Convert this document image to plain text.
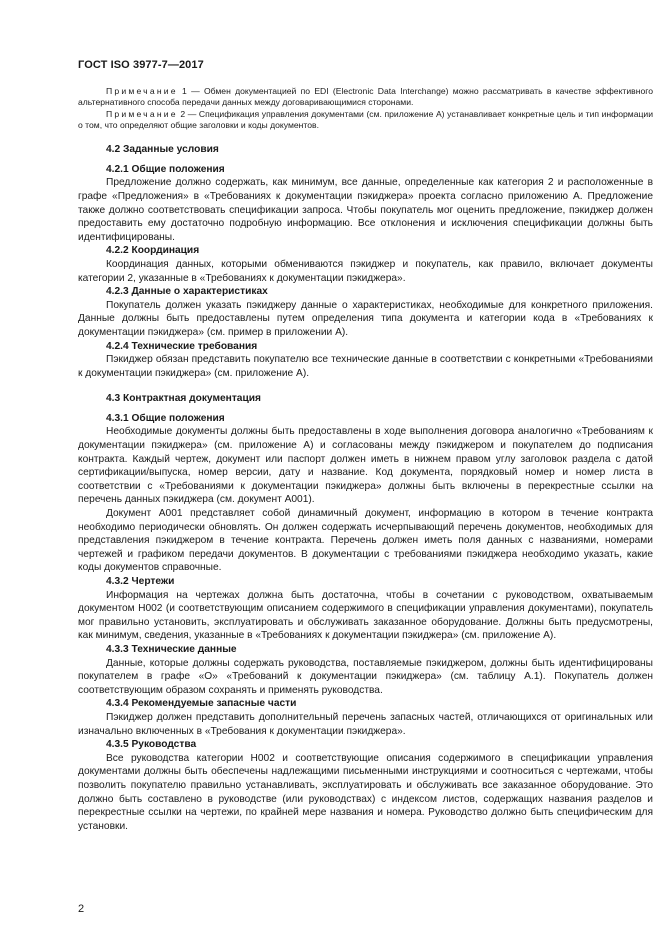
ГОСТ ISO 3977-7—2017

Примечание 1 — Обмен документацией по EDI (Electronic Data Interchange) можно рассматривать в качестве эффективного альтернативного способа передачи данных между договаривающимися сторонами.

Примечание 2 — Спецификация управления документами (см. приложение А) устанавливает конкретные цель и тип информации о том, что определяют общие заголовки и коды документов.

4.2 Заданные условия
4.2.1 Общие положения

Предложение должно содержать, как минимум, все данные, определенные как категория 2 и расположенные в графе «Предложения» в «Требованиях к документации пэкиджера» проекта согласно приложению А. Предложение также должно соответствовать спецификации запроса. Чтобы покупатель мог оценить предложение, пэкиджер должен предоставить ему достаточно подробную информацию. Все отклонения и исключения спецификации должны быть идентифицированы.

4.2.2 Координация

Координация данных, которыми обмениваются пэкиджер и покупатель, как правило, включает документы категории 2, указанные в «Требованиях к документации пэкиджера».

4.2.3 Данные о характеристиках

Покупатель должен указать пэкиджеру данные о характеристиках, необходимые для конкретного приложения. Данные должны быть предоставлены путем определения типа документа и категории кода в «Требованиях к документации пэкиджера» (см. пример в приложении А).

4.2.4 Технические требования

Пэкиджер обязан представить покупателю все технические данные в соответствии с конкретными «Требованиями к документации пэкиджера» (см. приложение А).

4.3 Контрактная документация
4.3.1 Общие положения

Необходимые документы должны быть предоставлены в ходе выполнения договора аналогично «Требованиям к документации пэкиджера» (см. приложение А) и согласованы между пэкиджером и покупателем до подписания контракта. Каждый чертеж, документ или паспорт должен иметь в нижнем правом углу заголовок раздела с датой сертификации/выпуска, номер версии, дату и название. Код документа, порядковый номер и номер листа в соответствии с «Требованиями к документации пэкиджера» должны быть включены в перекрестные ссылки на перечень данных пэкиджера (см. документ А001).

Документ А001 представляет собой динамичный документ, информацию в котором в течение контракта необходимо периодически обновлять. Он должен содержать исчерпывающий перечень документов, необходимых для представления пэкиджером в течение контракта. Перечень должен иметь поля данных с названиями, номерами чертежей и графиком передачи документов. В документации с требованиями пэкиджера необходимо указать, какие коды документов справочные.

4.3.2 Чертежи

Информация на чертежах должна быть достаточна, чтобы в сочетании с руководством, охватываемым документом Н002 (и соответствующим описанием содержимого в спецификации управления документами), покупатель мог правильно установить, эксплуатировать и обслуживать заказанное оборудование. Должны быть предусмотрены, как минимум, сведения, указанные в «Требованиях к документации пэкиджера» (см. приложение А).

4.3.3 Технические данные

Данные, которые должны содержать руководства, поставляемые пэкиджером, должны быть идентифицированы покупателем в графе «О» «Требований к документации пэкиджера» (см. таблицу А.1). Покупатель должен соответствующим образом сохранять и применять руководства.

4.3.4 Рекомендуемые запасные части

Пэкиджер должен представить дополнительный перечень запасных частей, отличающихся от оригинальных или изначально включенных в «Требования к документации пэкиджера».

4.3.5 Руководства

Все руководства категории Н002 и соответствующие описания содержимого в спецификации управления документами должны быть обеспечены надлежащими письменными инструкциями и соотноситься с чертежами, чтобы позволить покупателю правильно устанавливать, эксплуатировать и обслуживать все заказанное оборудование. Это должно быть составлено в руководстве (или руководствах) с индексом листов, содержащих названия разделов и перекрестные ссылки на чертежи, по крайней мере названия и номера. Руководство должно быть специфическим для установки.

2
